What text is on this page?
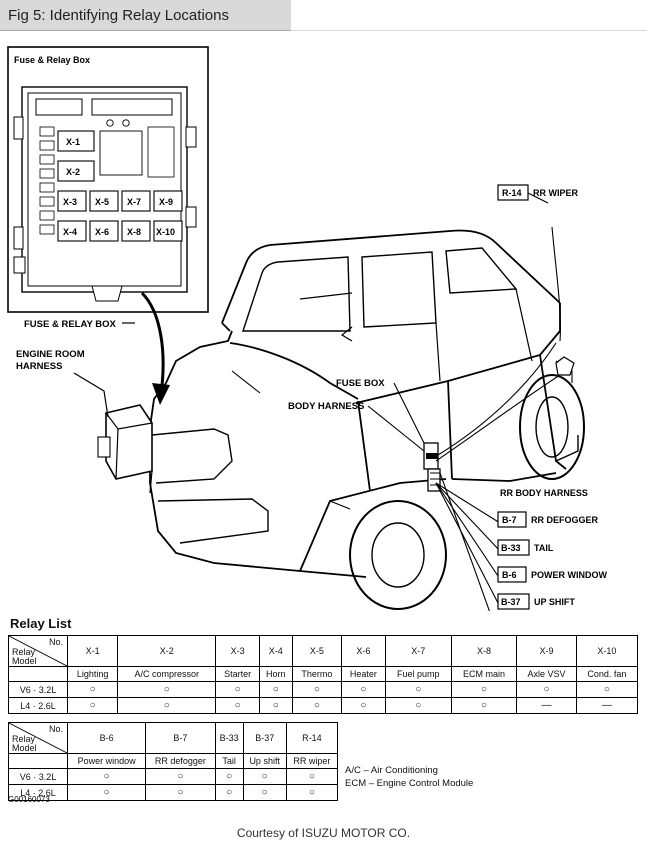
Fig 5: Identifying Relay Locations
Fuse & Relay Box
X-1
X-2
X-3 X-5 X-7 X-9
X-4 X-6 X-8 X-10
FUSE & RELAY BOX
ENGINE ROOM
HARNESS
FUSE BOX
BODY HARNESS
R-14 RR WIPER
RR BODY HARNESS
B-7 RR DEFOGGER
B-33 TAIL
B-6 POWER WINDOW
B-37 UP SHIFT
Relay List
No.
Relay
Model	X-1	X-2	X-3	X-4	X-5	X-6	X-7	X-8	X-9	X-10
	Lighting	A/C compressor	Starter	Horn	Thermo	Heater	Fuel pump	ECM main	Axle VSV	Cond. fan
V6 · 3.2L	○	○	○	○	○	○	○	○	○	○
L4 · 2.6L	○	○	○	○	○	○	○	○	—	—
No.
Relay
Model	B-6	B-7	B-33	B-37	R-14
	Power window	RR defogger	Tail	Up shift	RR wiper
V6 · 3.2L	○	○	○	○	○
L4 · 2.6L	○	○	○	○	○
A/C – Air Conditioning
ECM – Engine Control Module
G00160073
Courtesy of ISUZU MOTOR CO.
